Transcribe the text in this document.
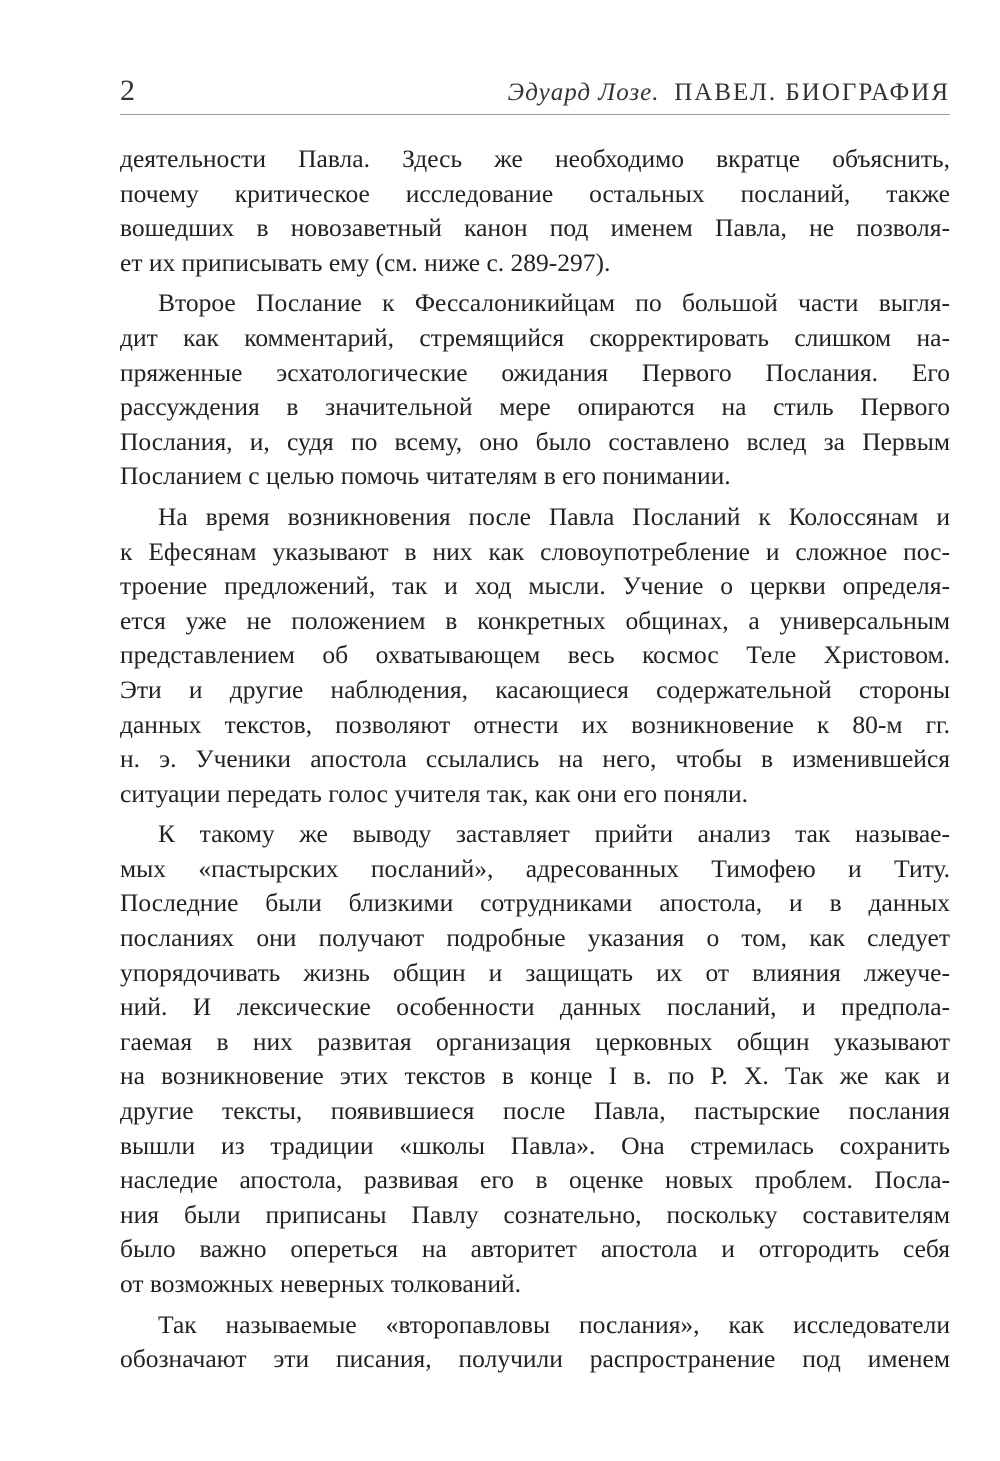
2	Эдуард Лозе. ПАВЕЛ. БИОГРАФИЯ
деятельности Павла. Здесь же необходимо вкратце объяснить,
почему критическое исследование остальных посланий, также
вошедших в новозаветный канон под именем Павла, не позволя-
ет их приписывать ему (см. ниже с. 289-297).
Второе Послание к Фессалоникийцам по большой части выгля-
дит как комментарий, стремящийся скорректировать слишком на-
пряженные эсхатологические ожидания Первого Послания. Его
рассуждения в значительной мере опираются на стиль Первого
Послания, и, судя по всему, оно было составлено вслед за Первым
Посланием с целью помочь читателям в его понимании.
На время возникновения после Павла Посланий к Колоссянам и
к Ефесянам указывают в них как словоупотребление и сложное пос-
троение предложений, так и ход мысли. Учение о церкви определя-
ется уже не положением в конкретных общинах, а универсальным
представлением об охватывающем весь космос Теле Христовом.
Эти и другие наблюдения, касающиеся содержательной стороны
данных текстов, позволяют отнести их возникновение к 80-м гг.
н. э. Ученики апостола ссылались на него, чтобы в изменившейся
ситуации передать голос учителя так, как они его поняли.
К такому же выводу заставляет прийти анализ так называе-
мых «пастырских посланий», адресованных Тимофею и Титу.
Последние были близкими сотрудниками апостола, и в данных
посланиях они получают подробные указания о том, как следует
упорядочивать жизнь общин и защищать их от влияния лжеуче-
ний. И лексические особенности данных посланий, и предпола-
гаемая в них развитая организация церковных общин указывают
на возникновение этих текстов в конце I в. по Р. Х. Так же как и
другие тексты, появившиеся после Павла, пастырские послания
вышли из традиции «школы Павла». Она стремилась сохранить
наследие апостола, развивая его в оценке новых проблем. Посла-
ния были приписаны Павлу сознательно, поскольку составителям
было важно опереться на авторитет апостола и отгородить себя
от возможных неверных толкований.
Так называемые «второпавловы послания», как исследователи
обозначают эти писания, получили распространение под именем
